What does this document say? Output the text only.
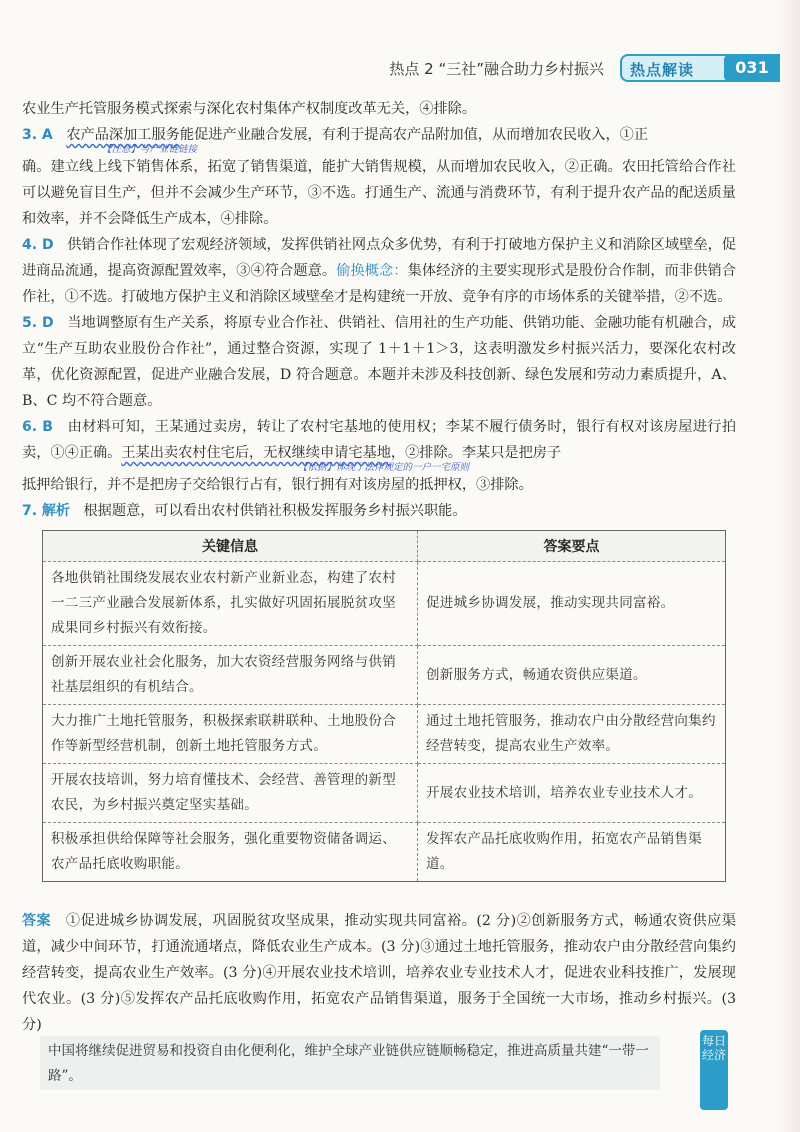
热点 2 “三社”融合助力乡村振兴 热点解读	031

农业生产托管服务模式探索与深化农村集体产权制度改革无关，④排除。

3. A 农产品深加工服务能促进产业融合发展，有利于提高农产品附加值，从而增加农民收入，①正
【注意】与产业链链接
确。建立线上线下销售体系，拓宽了销售渠道，能扩大销售规模，从而增加农民收入，②正确。农田托管给合作社可以避免盲目生产，但并不会减少生产环节，③不选。打通生产、流通与消费环节，有利于提升农产品的配送质量和效率，并不会降低生产成本，④排除。

4. D 供销合作社体现了宏观经济领域，发挥供销社网点众多优势，有利于打破地方保护主义和消除区域壁垒，促进商品流通，提高资源配置效率，③④符合题意。偷换概念：集体经济的主要实现形式是股份合作制，而非供销合作社，①不选。打破地方保护主义和消除区域壁垒才是构建统一开放、竞争有序的市场体系的关键举措，②不选。

5. D 当地调整原有生产关系，将原专业合作社、供销社、信用社的生产功能、供销功能、金融功能有机融合，成立“生产互助农业股份合作社”，通过整合资源，实现了 1＋1＋1＞3，这表明激发乡村振兴活力，要深化农村改革，优化资源配置，促进产业融合发展，D 符合题意。本题并未涉及科技创新、绿色发展和劳动力素质提升，A、B、C 均不符合题意。

6. B 由材料可知，王某通过卖房，转让了农村宅基地的使用权；李某不履行债务时，银行有权对该房屋进行拍卖，①④正确。王某出卖农村住宅后，无权继续申请宅基地，②排除。李某只是把房子
【依据】体现了法律规定的一户一宅原则
抵押给银行，并不是把房子交给银行占有，银行拥有对该房屋的抵押权，③排除。

7. 解析 根据题意，可以看出农村供销社积极发挥服务乡村振兴职能。

关键信息	答案要点
各地供销社围绕发展农业农村新产业新业态，构建了农村一二三产业融合发展新体系，扎实做好巩固拓展脱贫攻坚成果同乡村振兴有效衔接。	促进城乡协调发展，推动实现共同富裕。
创新开展农业社会化服务，加大农资经营服务网络与供销社基层组织的有机结合。	创新服务方式，畅通农资供应渠道。
大力推广土地托管服务，积极探索联耕联种、土地股份合作等新型经营机制，创新土地托管服务方式。	通过土地托管服务，推动农户由分散经营向集约经营转变，提高农业生产效率。
开展农技培训，努力培育懂技术、会经营、善管理的新型农民，为乡村振兴奠定坚实基础。	开展农业技术培训，培养农业专业技术人才。
积极承担供给保障等社会服务，强化重要物资储备调运、农产品托底收购职能。	发挥农产品托底收购作用，拓宽农产品销售渠道。

答案 ①促进城乡协调发展，巩固脱贫攻坚成果，推动实现共同富裕。(2 分)②创新服务方式，畅通农资供应渠道，减少中间环节，打通流通堵点，降低农业生产成本。(3 分)③通过土地托管服务，推动农户由分散经营向集约经营转变，提高农业生产效率。(3 分)④开展农业技术培训，培养农业专业技术人才，促进农业科技推广，发展现代农业。(3 分)⑤发挥农产品托底收购作用，拓宽农产品销售渠道，服务于全国统一大市场，推动乡村振兴。(3 分)

中国将继续促进贸易和投资自由化便利化，维护全球产业链供应链顺畅稳定，推进高质量共建“一带一路”。
每日经济
